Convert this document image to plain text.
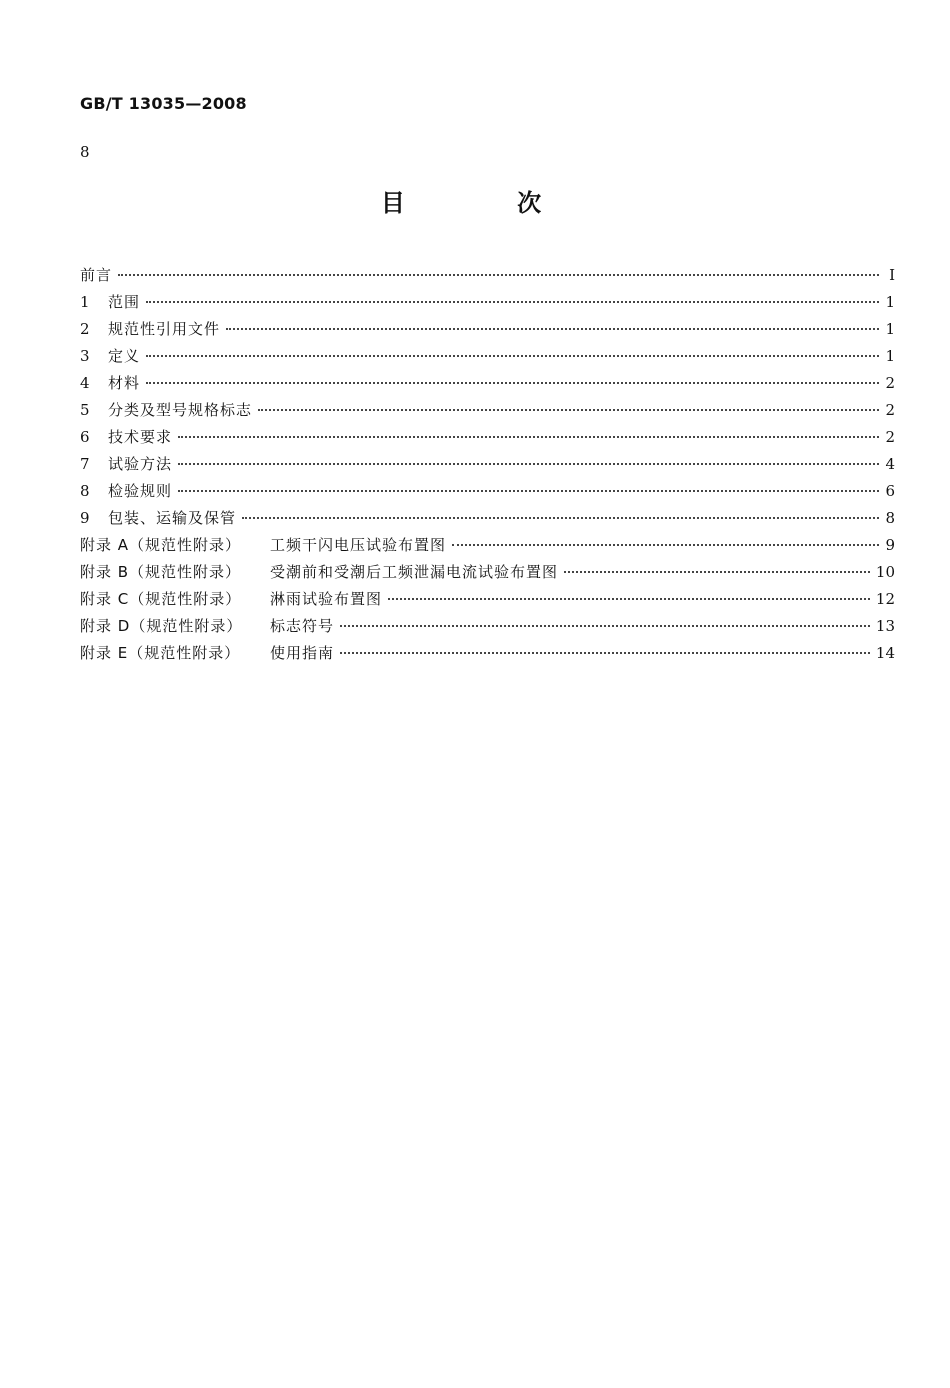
GB/T 13035—2008
8
目 次
前言	I
1	范围	1
2	规范性引用文件	1
3	定义	1
4	材料	2
5	分类及型号规格标志	2
6	技术要求	2
7	试验方法	4
8	检验规则	6
9	包装、运输及保管	8
附录 A（规范性附录）	工频干闪电压试验布置图	9
附录 B（规范性附录）	受潮前和受潮后工频泄漏电流试验布置图	10
附录 C（规范性附录）	淋雨试验布置图	12
附录 D（规范性附录）	标志符号	13
附录 E（规范性附录）	使用指南	14
